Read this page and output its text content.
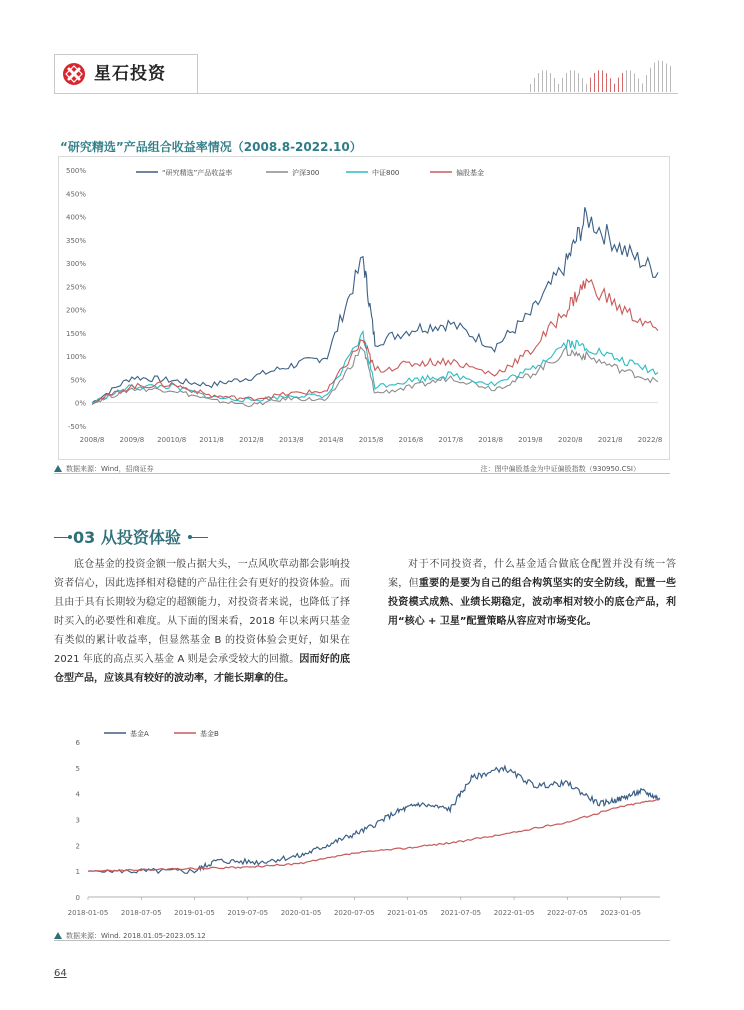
星石投资
“研究精选”产品组合收益率情况（2008.8-2022.10）
-50%
0%
50%
100%
150%
200%
250%
300%
350%
400%
450%
500%
2008/8 2009/8 20010/8 2011/8 2012/8 2013/8 2014/8 2015/8 2016/8 2017/8 2018/8 2019/8 2020/8 2021/8 2022/8
“研究精选”产品收益率	沪深300	中证800	偏股基金
数据来源：Wind，招商证券	注：图中偏股基金为中证偏股指数（930950.CSI）
03 从投资体验
底仓基金的投资金额一般占据大头，一点风吹草动都会影响投资者信心，因此选择相对稳健的产品往往会有更好的投资体验。而且由于具有长期较为稳定的超额能力，对投资者来说，也降低了择时买入的必要性和难度。从下面的图来看，2018 年以来两只基金有类似的累计收益率，但显然基金 B 的投资体验会更好，如果在 2021 年底的高点买入基金 A 则是会承受较大的回撤。因而好的底仓型产品，应该具有较好的波动率，才能长期拿的住。
对于不同投资者，什么基金适合做底仓配置并没有统一答案，但重要的是要为自己的组合构筑坚实的安全防线，配置一些投资模式成熟、业绩长期稳定，波动率相对较小的底仓产品，利用“核心 + 卫星”配置策略从容应对市场变化。
0
1
2
3
4
5
6
2018-01-05 2018-07-05 2019-01-05 2019-07-05 2020-01-05 2020-07-05 2021-01-05 2021-07-05 2022-01-05 2022-07-05 2023-01-05
基金A	基金B
数据来源：Wind. 2018.01.05-2023.05.12
64
